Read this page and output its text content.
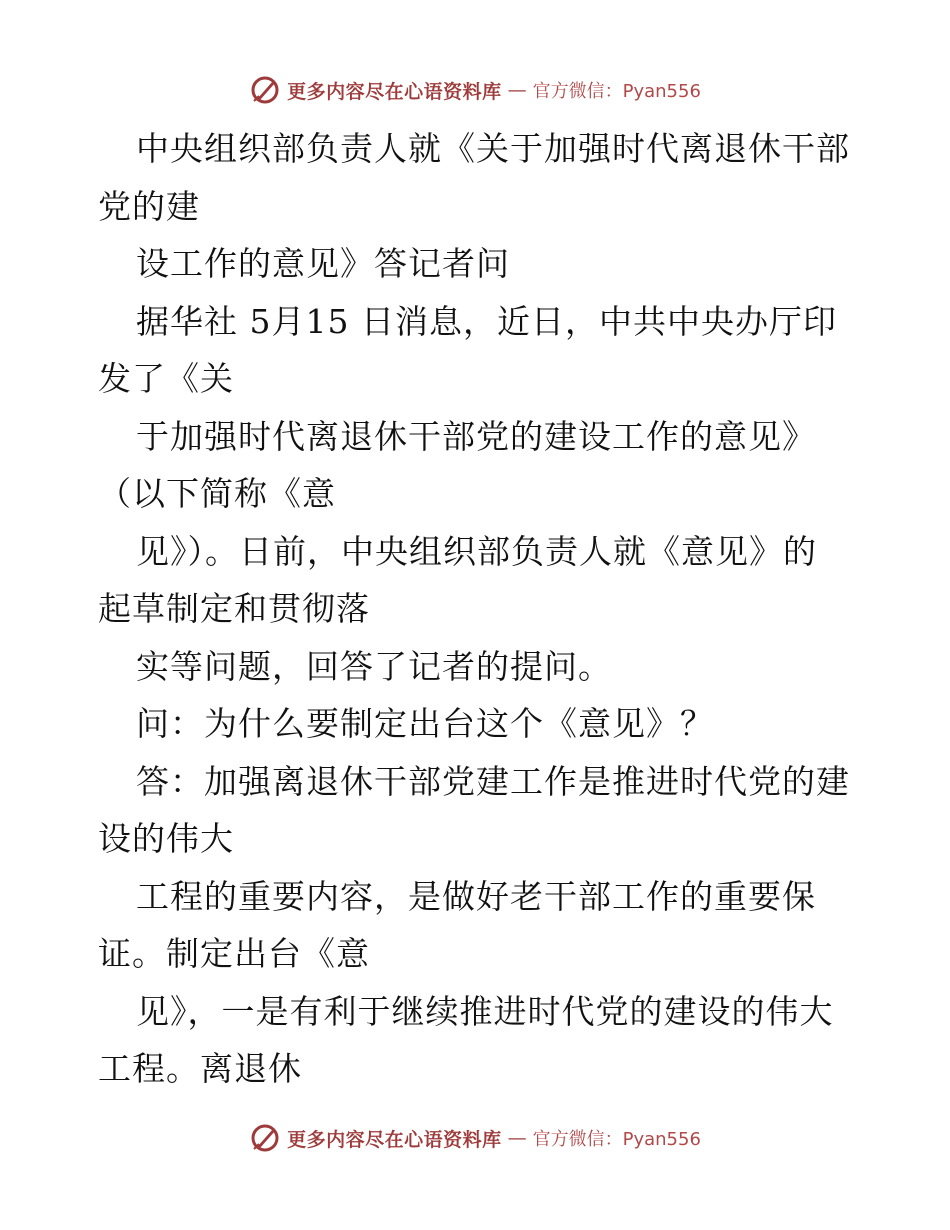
更多内容尽在心语资料库 — 官方微信：Pyan556
中央组织部负责人就《关于加强时代离退休干部
党的建
设工作的意见》答记者问
据华社 5月15 日消息，近日，中共中央办厅印
发了《关
于加强时代离退休干部党的建设工作的意见》
（以下简称《意
见》）。日前，中央组织部负责人就《意见》的
起草制定和贯彻落
实等问题，回答了记者的提问。
问：为什么要制定出台这个《意见》？
答：加强离退休干部党建工作是推进时代党的建
设的伟大
工程的重要内容，是做好老干部工作的重要保
证。制定出台《意
见》，一是有利于继续推进时代党的建设的伟大
工程。离退休
更多内容尽在心语资料库 — 官方微信：Pyan556
